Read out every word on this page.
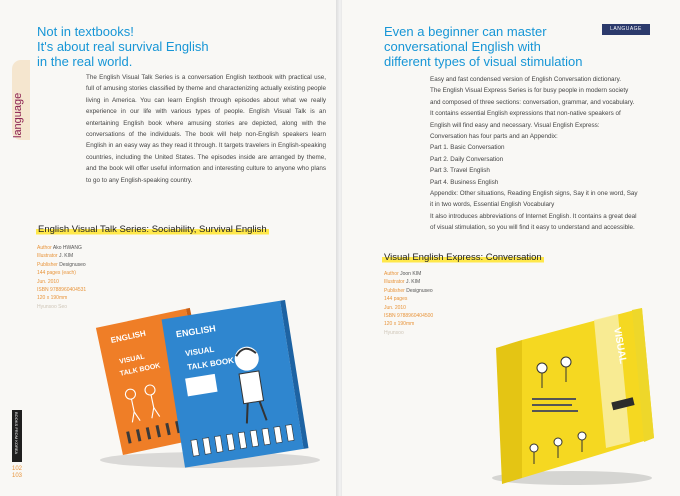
Not in textbooks!
It's about real survival English
in the real world.
language

The English Visual Talk Series is a conversation English textbook with practical use, full of amusing stories classified by theme and charactenizing actually existing people living in America. You can learn English through episodes about what we really experience in our life with various types of people. English Visual Talk is an entertaining English book where amusing stories are depicted, along with the conversations of the individuals. The book will help non-English speakers learn English in an easy way as they read it through. It targets travelers in English-speaking countries, including the United States. The episodes inside are arranged by theme, and the book will offer useful information and interesting culture to anyone who plans to go to any English-speaking country.

English Visual Talk Series: Sociability, Survival English
Author Ako HWANG
Illustrator J. KIM
Publisher Designuseo
144 pages (each)
Jun. 2010
ISBN 9788960404531
120 x 190mm
Hyunsoo Seo
ENGLISH
VISUAL
TALK BOOK
ENGLISH
VISUAL
TALK BOOK
BOOKS FROM KOREA
102
103
Even a beginner can master
conversational English with
different types of visual stimulation

Easy and fast condensed version of English Conversation dictionary.

The English Visual Express Series is for busy people in modern society and composed of three sections: conversation, grammar, and vocabulary. It contains essential English expressions that non-native speakers of English will find easy and necessary. Visual English Express: Conversation has four parts and an Appendix:

Part 1. Basic Conversation

Part 2. Daily Conversation

Part 3. Travel English

Part 4. Business English

Appendix: Other situations, Reading English signs, Say it in one word, Say it in two words, Essential English Vocabulary

It also introduces abbreviations of Internet English. It contains a great deal of visual stimulation, so you will find it easy to understand and accessible.

Visual English Express: Conversation
Author Joon KIM
Illustrator J. KIM
Publisher Designuseo
144 pages
Jun. 2010
ISBN 9788960404500
120 x 190mm
Hyunsoo	VISUAL
LANGUAGE
